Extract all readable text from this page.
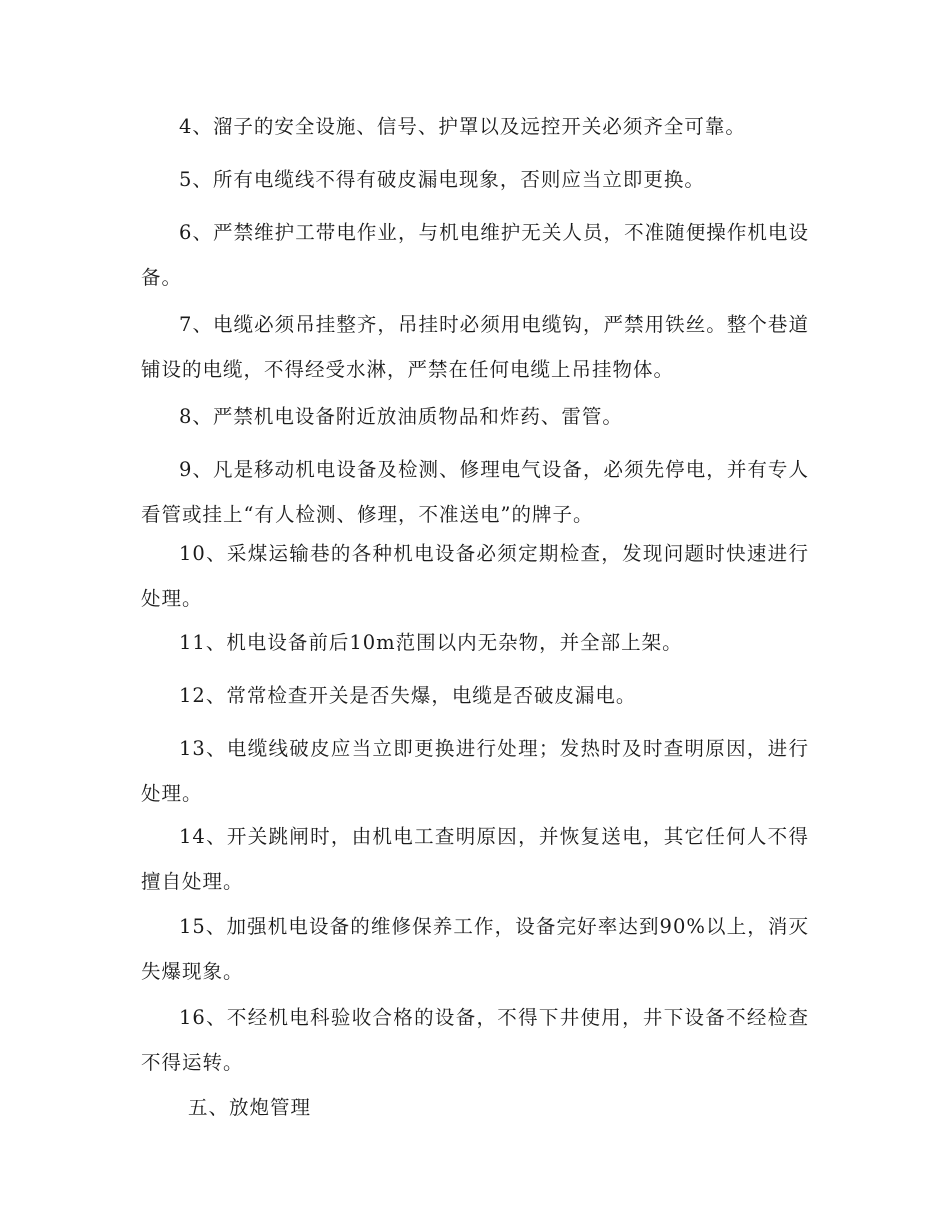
4、溜子的安全设施、信号、护罩以及远控开关必须齐全可靠。

5、所有电缆线不得有破皮漏电现象，否则应当立即更换。

6、严禁维护工带电作业，与机电维护无关人员，不准随便操作机电设备。

7、电缆必须吊挂整齐，吊挂时必须用电缆钩，严禁用铁丝。整个巷道铺设的电缆，不得经受水淋，严禁在任何电缆上吊挂物体。

8、严禁机电设备附近放油质物品和炸药、雷管。

9、凡是移动机电设备及检测、修理电气设备，必须先停电，并有专人看管或挂上“有人检测、修理，不准送电”的牌子。

10、采煤运输巷的各种机电设备必须定期检查，发现问题时快速进行处理。

11、机电设备前后10m范围以内无杂物，并全部上架。

12、常常检查开关是否失爆，电缆是否破皮漏电。

13、电缆线破皮应当立即更换进行处理；发热时及时查明原因，进行处理。

14、开关跳闸时，由机电工查明原因，并恢复送电，其它任何人不得擅自处理。

15、加强机电设备的维修保养工作，设备完好率达到90%以上，消灭失爆现象。

16、不经机电科验收合格的设备，不得下井使用，井下设备不经检查不得运转。

五、放炮管理
